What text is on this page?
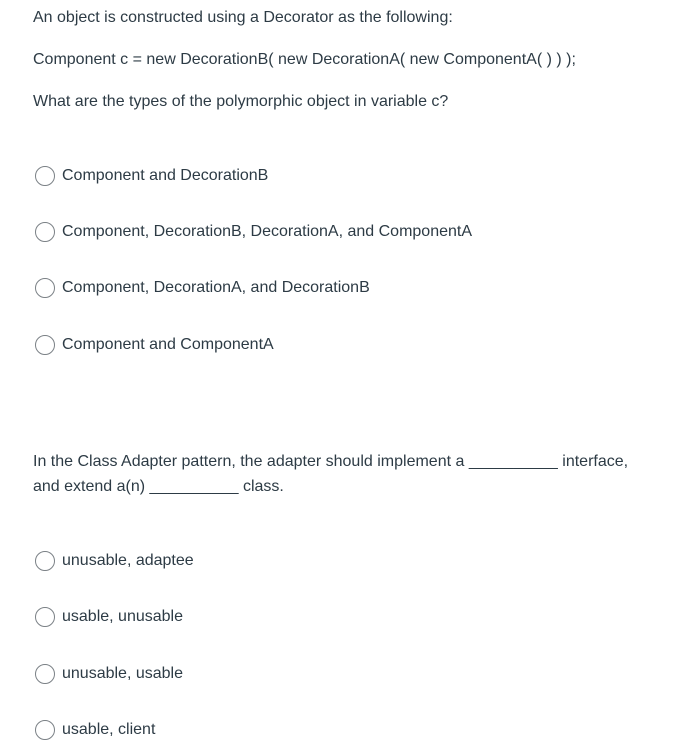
An object is constructed using a Decorator as the following:
Component c = new DecorationB( new DecorationA( new ComponentA( ) ) );
What are the types of the polymorphic object in variable c?
Component and DecorationB
Component, DecorationB, DecorationA, and ComponentA
Component, DecorationA, and DecorationB
Component and ComponentA
In the Class Adapter pattern, the adapter should implement a __________ interface,
and extend a(n) __________ class.
unusable, adaptee
usable, unusable
unusable, usable
usable, client
